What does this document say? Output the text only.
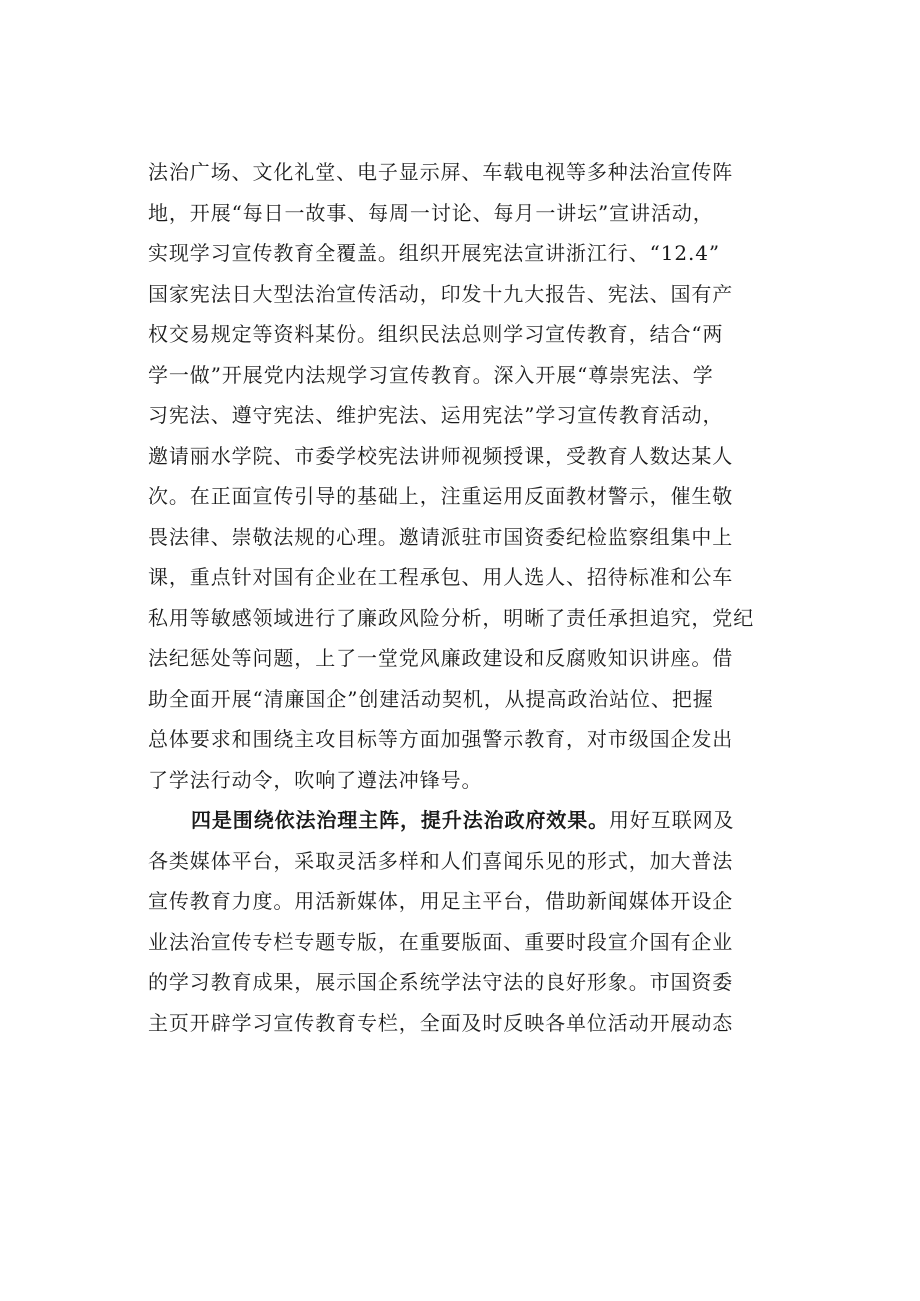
法治广场、文化礼堂、电子显示屏、车载电视等多种法治宣传阵
地，开展“每日一故事、每周一讨论、每月一讲坛”宣讲活动，
实现学习宣传教育全覆盖。组织开展宪法宣讲浙江行、“12.4”
国家宪法日大型法治宣传活动，印发十九大报告、宪法、国有产
权交易规定等资料某份。组织民法总则学习宣传教育，结合“两
学一做”开展党内法规学习宣传教育。深入开展“尊崇宪法、学
习宪法、遵守宪法、维护宪法、运用宪法”学习宣传教育活动，
邀请丽水学院、市委学校宪法讲师视频授课，受教育人数达某人
次。在正面宣传引导的基础上，注重运用反面教材警示，催生敬
畏法律、崇敬法规的心理。邀请派驻市国资委纪检监察组集中上
课，重点针对国有企业在工程承包、用人选人、招待标准和公车
私用等敏感领域进行了廉政风险分析，明晰了责任承担追究，党纪
法纪惩处等问题，上了一堂党风廉政建设和反腐败知识讲座。借
助全面开展“清廉国企”创建活动契机，从提高政治站位、把握
总体要求和围绕主攻目标等方面加强警示教育，对市级国企发出
了学法行动令，吹响了遵法冲锋号。
四是围绕依法治理主阵，提升法治政府效果。用好互联网及
各类媒体平台，采取灵活多样和人们喜闻乐见的形式，加大普法
宣传教育力度。用活新媒体，用足主平台，借助新闻媒体开设企
业法治宣传专栏专题专版，在重要版面、重要时段宣介国有企业
的学习教育成果，展示国企系统学法守法的良好形象。市国资委
主页开辟学习宣传教育专栏，全面及时反映各单位活动开展动态
